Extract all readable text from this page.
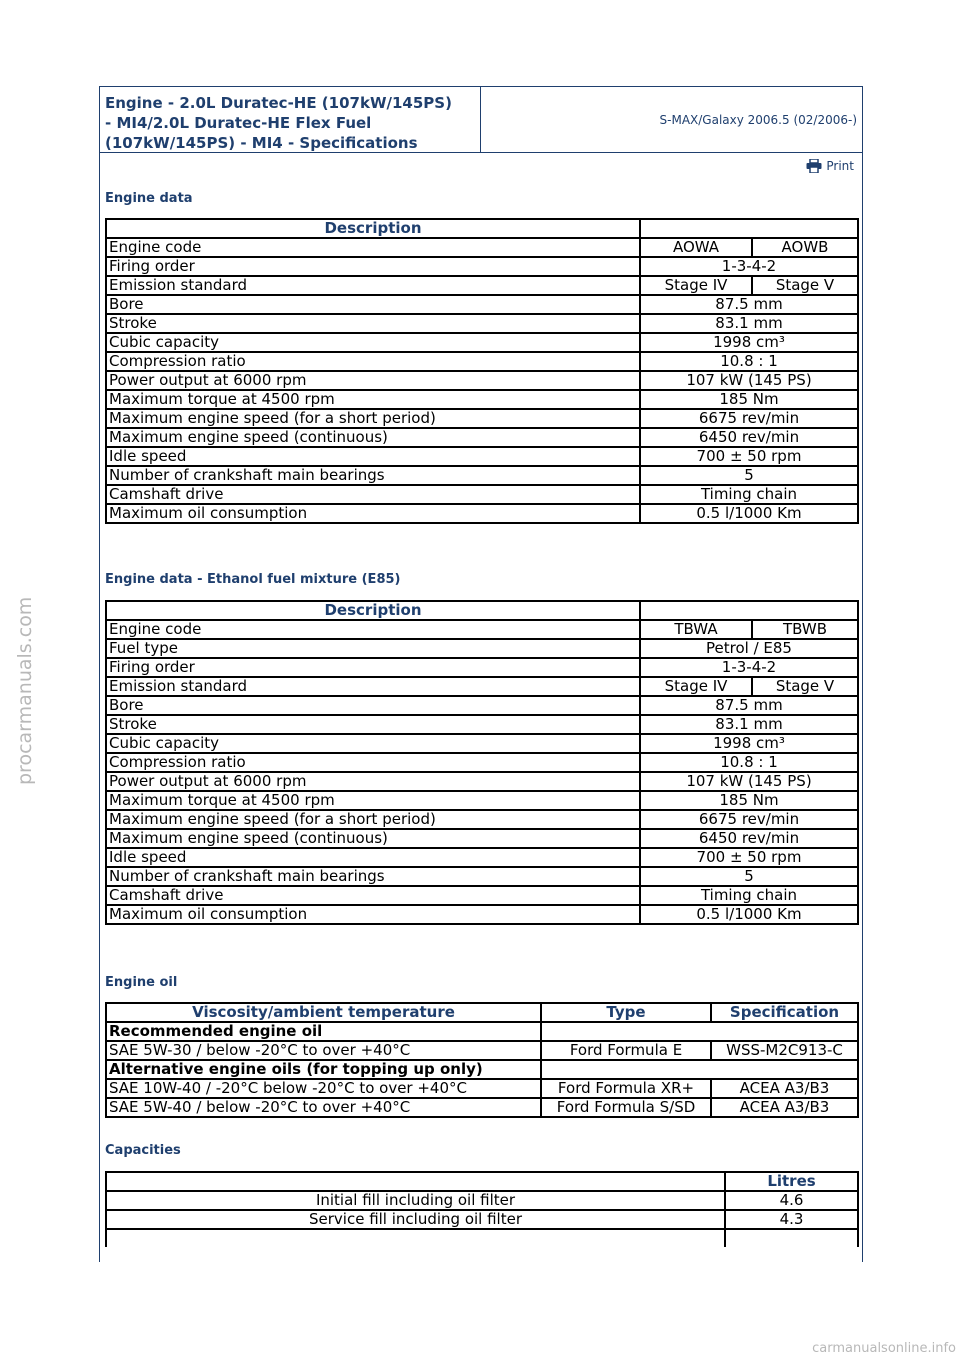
Engine - 2.0L Duratec-HE (107kW/145PS)
- MI4/2.0L Duratec-HE Flex Fuel
(107kW/145PS) - MI4 - Specifications
S-MAX/Galaxy 2006.5 (02/2006-)
Print
Engine data
Description		
Engine code	AOWA	AOWB
Firing order	1-3-4-2	
Emission standard	Stage IV	Stage V
Bore	87.5 mm	
Stroke	83.1 mm	
Cubic capacity	1998 cm³	
Compression ratio	10.8 : 1	
Power output at 6000 rpm	107 kW (145 PS)	
Maximum torque at 4500 rpm	185 Nm	
Maximum engine speed (for a short period)	6675 rev/min	
Maximum engine speed (continuous)	6450 rev/min	
Idle speed	700 ± 50 rpm	
Number of crankshaft main bearings	5	
Camshaft drive	Timing chain	
Maximum oil consumption	0.5 l/1000 Km	
Engine data - Ethanol fuel mixture (E85)
Description		
Engine code	TBWA	TBWB
Fuel type	Petrol / E85	
Firing order	1-3-4-2	
Emission standard	Stage IV	Stage V
Bore	87.5 mm	
Stroke	83.1 mm	
Cubic capacity	1998 cm³	
Compression ratio	10.8 : 1	
Power output at 6000 rpm	107 kW (145 PS)	
Maximum torque at 4500 rpm	185 Nm	
Maximum engine speed (for a short period)	6675 rev/min	
Maximum engine speed (continuous)	6450 rev/min	
Idle speed	700 ± 50 rpm	
Number of crankshaft main bearings	5	
Camshaft drive	Timing chain	
Maximum oil consumption	0.5 l/1000 Km	
Engine oil
Viscosity/ambient temperature	Type	Specification
Recommended engine oil		
SAE 5W-30 / below -20°C to over +40°C	Ford Formula E	WSS-M2C913-C
Alternative engine oils (for topping up only)		
SAE 10W-40 / -20°C below -20°C to over +40°C	Ford Formula XR+	ACEA A3/B3
SAE 5W-40 / below -20°C to over +40°C	Ford Formula S/SD	ACEA A3/B3
Capacities
	Litres
Initial fill including oil filter	4.6
Service fill including oil filter	4.3

procarmanuals.com
carmanualsonline.info
